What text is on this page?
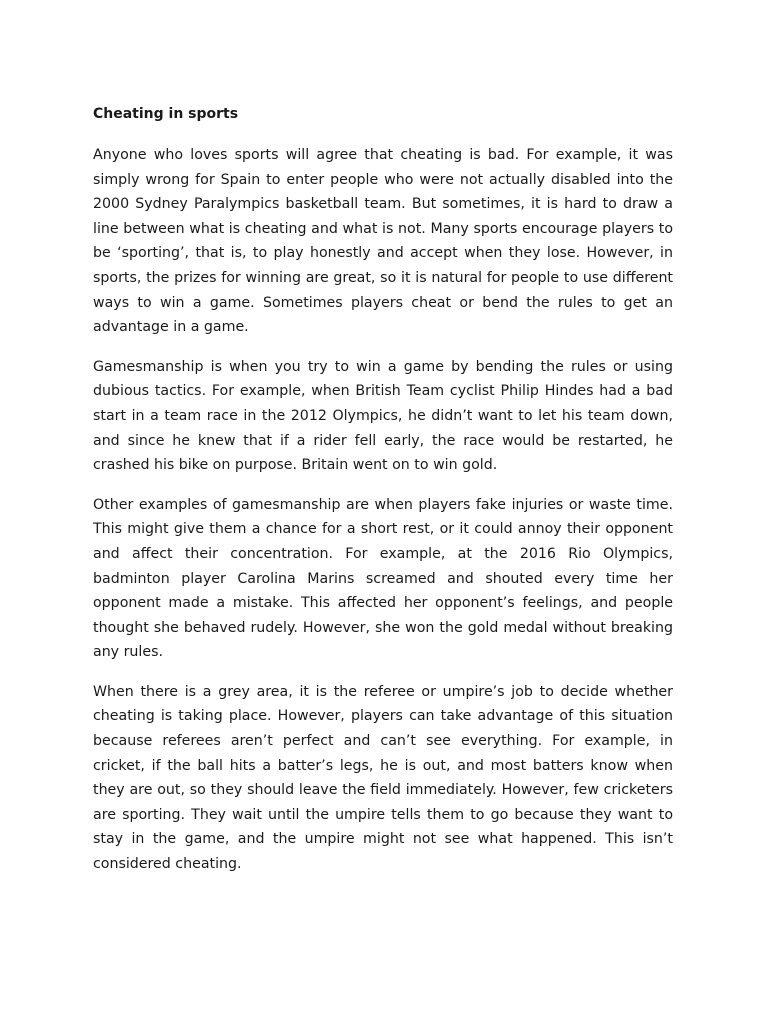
Cheating in sports

Anyone who loves sports will agree that cheating is bad. For example, it was simply wrong for Spain to enter people who were not actually disabled into the 2000 Sydney Paralympics basketball team. But sometimes, it is hard to draw a line between what is cheating and what is not. Many sports encourage players to be ‘sporting’, that is, to play honestly and accept when they lose. However, in sports, the prizes for winning are great, so it is natural for people to use different ways to win a game. Sometimes players cheat or bend the rules to get an advantage in a game.

Gamesmanship is when you try to win a game by bending the rules or using dubious tactics. For example, when British Team cyclist Philip Hindes had a bad start in a team race in the 2012 Olympics, he didn’t want to let his team down, and since he knew that if a rider fell early, the race would be restarted, he crashed his bike on purpose. Britain went on to win gold.

Other examples of gamesmanship are when players fake injuries or waste time. This might give them a chance for a short rest, or it could annoy their opponent and affect their concentration. For example, at the 2016 Rio Olympics, badminton player Carolina Marins screamed and shouted every time her opponent made a mistake. This affected her opponent’s feelings, and people thought she behaved rudely. However, she won the gold medal without breaking any rules.

When there is a grey area, it is the referee or umpire’s job to decide whether cheating is taking place. However, players can take advantage of this situation because referees aren’t perfect and can’t see everything. For example, in cricket, if the ball hits a batter’s legs, he is out, and most batters know when they are out, so they should leave the field immediately. However, few cricketers are sporting. They wait until the umpire tells them to go because they want to stay in the game, and the umpire might not see what happened. This isn’t considered cheating.
